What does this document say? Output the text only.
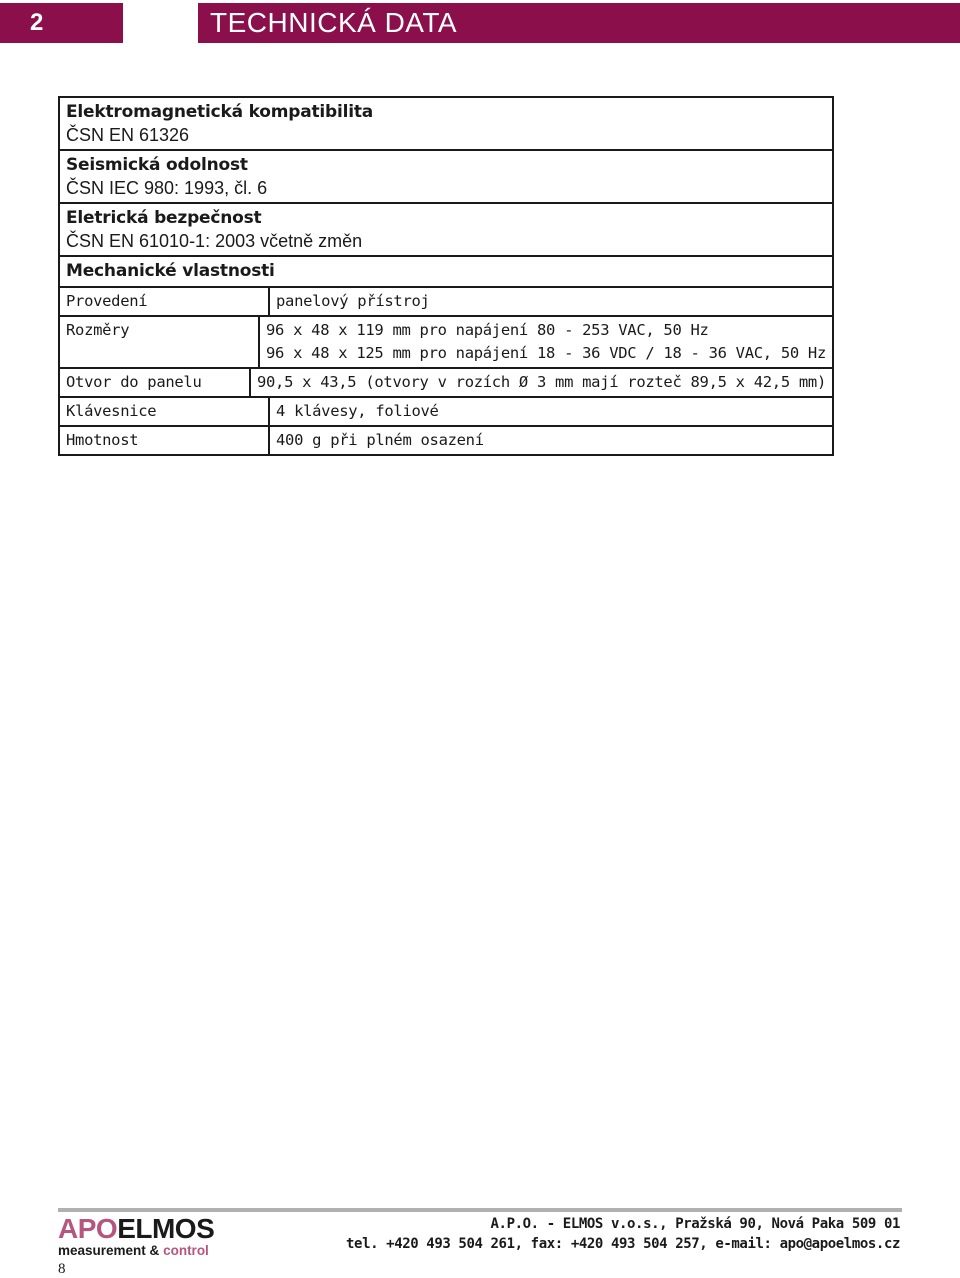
2	TECHNICKÁ DATA
Elektromagnetická kompatibilita
ČSN EN 61326
Seismická odolnost
ČSN IEC 980: 1993, čl. 6
Eletrická bezpečnost
ČSN EN 61010-1: 2003 včetně změn
Mechanické vlastnosti
Provedení	panelový přístroj
Rozměry	96 x 48 x 119 mm pro napájení 80 - 253 VAC, 50 Hz
96 x 48 x 125 mm pro napájení 18 - 36 VDC / 18 - 36 VAC, 50 Hz
Otvor do panelu	90,5 x 43,5 (otvory v rozích Ø 3 mm mají rozteč 89,5 x 42,5 mm)
Klávesnice	4 klávesy, foliové
Hmotnost	400 g při plném osazení
APOELMOS
measurement & control
A.P.O. - ELMOS v.o.s., Pražská 90, Nová Paka 509 01
tel. +420 493 504 261, fax: +420 493 504 257, e-mail: apo@apoelmos.cz
8
